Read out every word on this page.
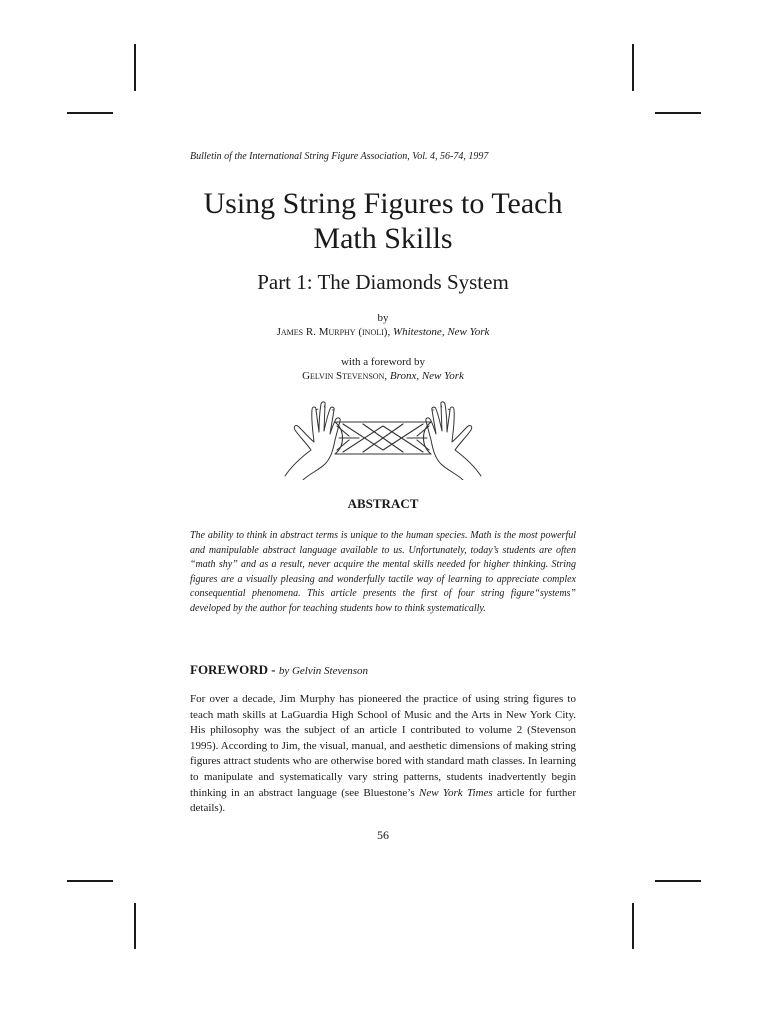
Bulletin of the International String Figure Association, Vol. 4, 56-74, 1997
Using String Figures to Teach Math Skills
Part 1: The Diamonds System
by
James R. Murphy (inoli), Whitestone, New York
with a foreword by
Gelvin Stevenson, Bronx, New York
ABSTRACT
The ability to think in abstract terms is unique to the human species. Math is the most powerful and manipulable abstract language available to us. Unfortunately, today’s students are often “math shy” and as a result, never acquire the mental skills needed for higher thinking. String figures are a visually pleasing and wonderfully tactile way of learning to appreciate complex consequential phenomena. This article presents the first of four string figure“systems” developed by the author for teaching students how to think systematically.
FOREWORD - by Gelvin Stevenson
For over a decade, Jim Murphy has pioneered the practice of using string figures to teach math skills at LaGuardia High School of Music and the Arts in New York City. His philosophy was the subject of an article I contributed to volume 2 (Stevenson 1995). According to Jim, the visual, manual, and aesthetic dimensions of making string figures attract students who are otherwise bored with standard math classes. In learning to manipulate and systematically vary string patterns, students inadvertently begin thinking in an abstract language (see Bluestone’s New York Times article for further details).
56
